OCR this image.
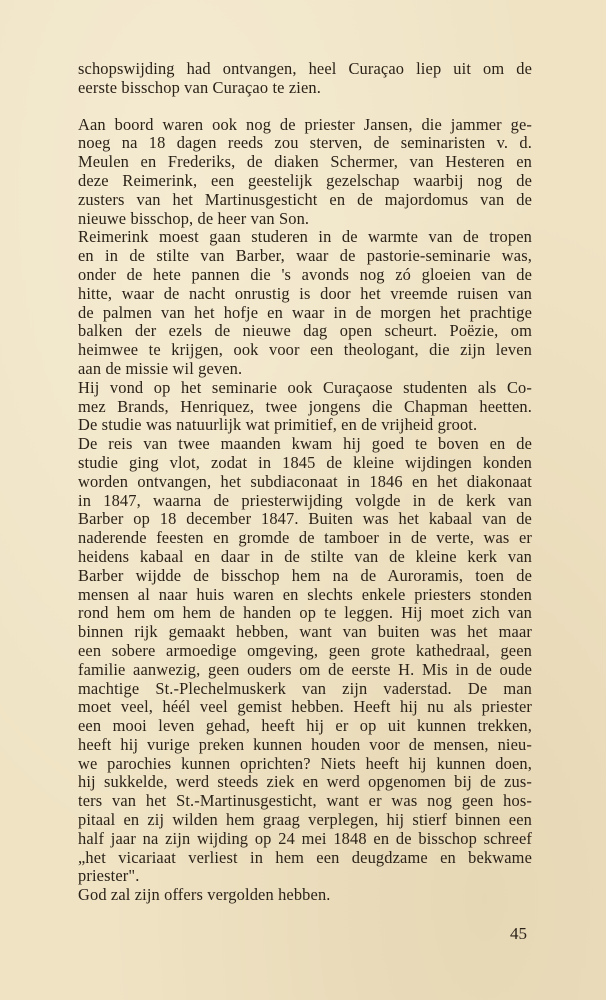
schopswijding had ontvangen, heel Curaçao liep uit om de
eerste bisschop van Curaçao te zien.

Aan boord waren ook nog de priester Jansen, die jammer ge-
noeg na 18 dagen reeds zou sterven, de seminaristen v. d.
Meulen en Frederiks, de diaken Schermer, van Hesteren en
deze Reimerink, een geestelijk gezelschap waarbij nog de
zusters van het Martinusgesticht en de majordomus van de
nieuwe bisschop, de heer van Son.

Reimerink moest gaan studeren in de warmte van de tropen
en in de stilte van Barber, waar de pastorie-seminarie was,
onder de hete pannen die 's avonds nog zó gloeien van de
hitte, waar de nacht onrustig is door het vreemde ruisen van
de palmen van het hofje en waar in de morgen het prachtige
balken der ezels de nieuwe dag open scheurt. Poëzie, om
heimwee te krijgen, ook voor een theologant, die zijn leven
aan de missie wil geven.

Hij vond op het seminarie ook Curaçaose studenten als Co-
mez Brands, Henriquez, twee jongens die Chapman heetten.
De studie was natuurlijk wat primitief, en de vrijheid groot.

De reis van twee maanden kwam hij goed te boven en de
studie ging vlot, zodat in 1845 de kleine wijdingen konden
worden ontvangen, het subdiaconaat in 1846 en het diakonaat
in 1847, waarna de priesterwijding volgde in de kerk van
Barber op 18 december 1847. Buiten was het kabaal van de
naderende feesten en gromde de tamboer in de verte, was er
heidens kabaal en daar in de stilte van de kleine kerk van
Barber wijdde de bisschop hem na de Auroramis, toen de
mensen al naar huis waren en slechts enkele priesters stonden
rond hem om hem de handen op te leggen. Hij moet zich van
binnen rijk gemaakt hebben, want van buiten was het maar
een sobere armoedige omgeving, geen grote kathedraal, geen
familie aanwezig, geen ouders om de eerste H. Mis in de oude
machtige St.-Plechelmuskerk van zijn vaderstad. De man
moet veel, héél veel gemist hebben. Heeft hij nu als priester
een mooi leven gehad, heeft hij er op uit kunnen trekken,
heeft hij vurige preken kunnen houden voor de mensen, nieu-
we parochies kunnen oprichten? Niets heeft hij kunnen doen,
hij sukkelde, werd steeds ziek en werd opgenomen bij de zus-
ters van het St.-Martinusgesticht, want er was nog geen hos-
pitaal en zij wilden hem graag verplegen, hij stierf binnen een
half jaar na zijn wijding op 24 mei 1848 en de bisschop schreef
„het vicariaat verliest in hem een deugdzame en bekwame
priester".

God zal zijn offers vergolden hebben.

45
